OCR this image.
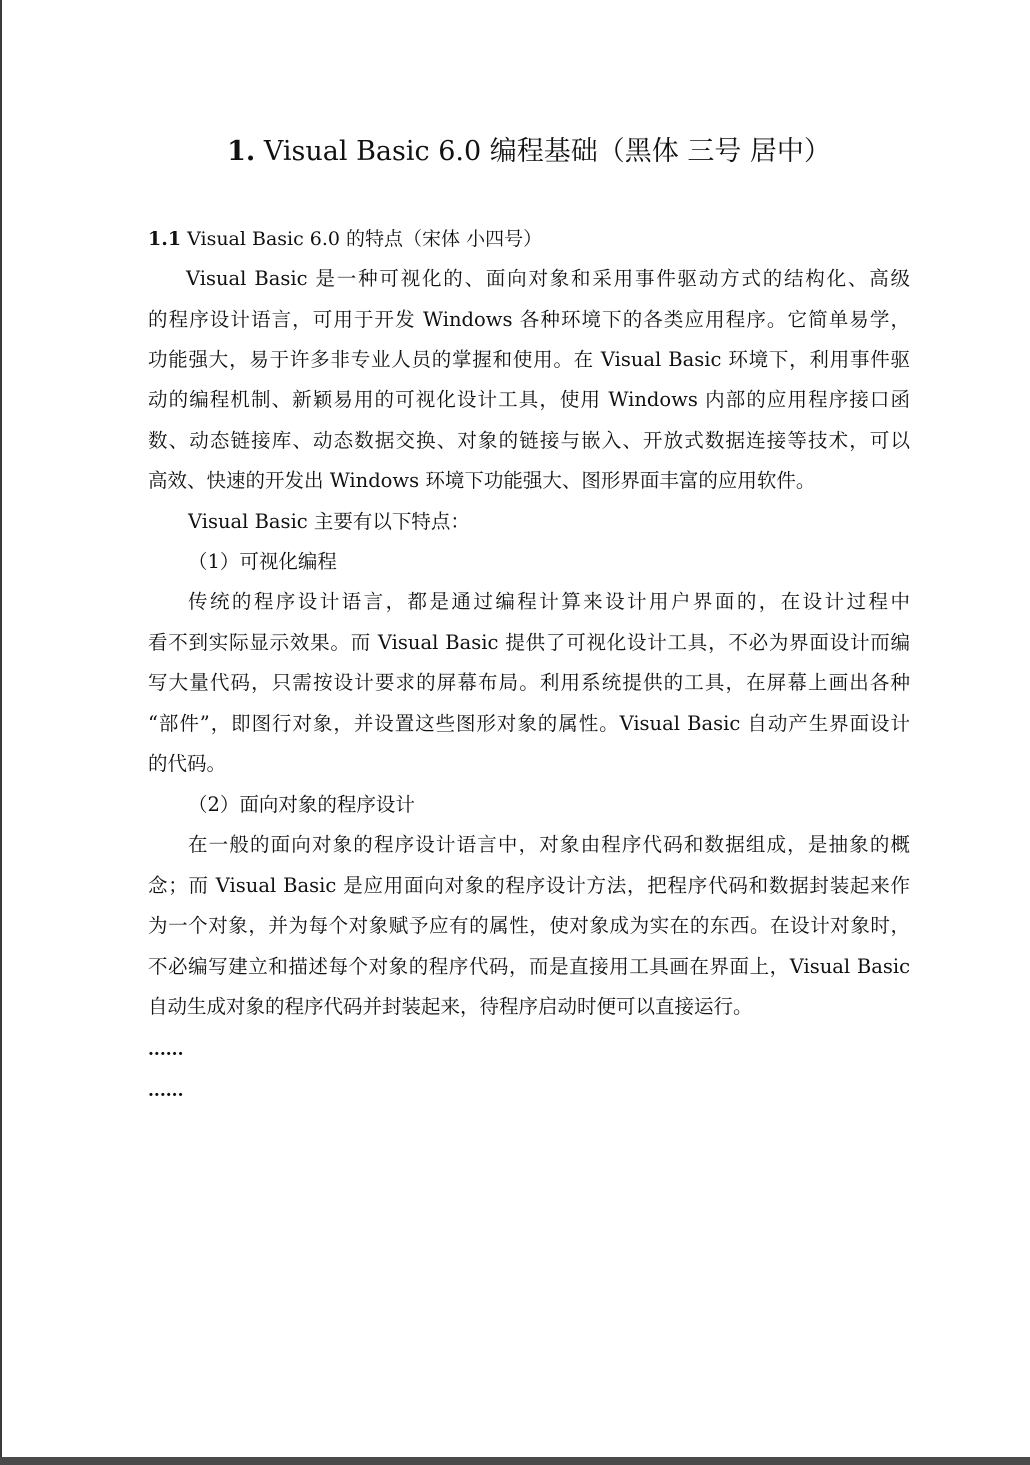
1. Visual Basic 6.0 编程基础（黑体 三号 居中）
1.1 Visual Basic 6.0 的特点（宋体 小四号）
Visual Basic 是一种可视化的、面向对象和采用事件驱动方式的结构化、高级
的程序设计语言，可用于开发 Windows 各种环境下的各类应用程序。它简单易学，
功能强大，易于许多非专业人员的掌握和使用。在 Visual Basic 环境下，利用事件驱
动的编程机制、新颖易用的可视化设计工具，使用 Windows 内部的应用程序接口函
数、动态链接库、动态数据交换、对象的链接与嵌入、开放式数据连接等技术，可以
高效、快速的开发出 Windows 环境下功能强大、图形界面丰富的应用软件。
Visual Basic 主要有以下特点：
（1）可视化编程
传统的程序设计语言，都是通过编程计算来设计用户界面的，在设计过程中
看不到实际显示效果。而 Visual Basic 提供了可视化设计工具，不必为界面设计而编
写大量代码，只需按设计要求的屏幕布局。利用系统提供的工具，在屏幕上画出各种
“部件”，即图行对象，并设置这些图形对象的属性。Visual Basic 自动产生界面设计
的代码。
（2）面向对象的程序设计
在一般的面向对象的程序设计语言中，对象由程序代码和数据组成，是抽象的概
念；而 Visual Basic 是应用面向对象的程序设计方法，把程序代码和数据封装起来作
为一个对象，并为每个对象赋予应有的属性，使对象成为实在的东西。在设计对象时，
不必编写建立和描述每个对象的程序代码，而是直接用工具画在界面上，Visual Basic
自动生成对象的程序代码并封装起来，待程序启动时便可以直接运行。
......
......
